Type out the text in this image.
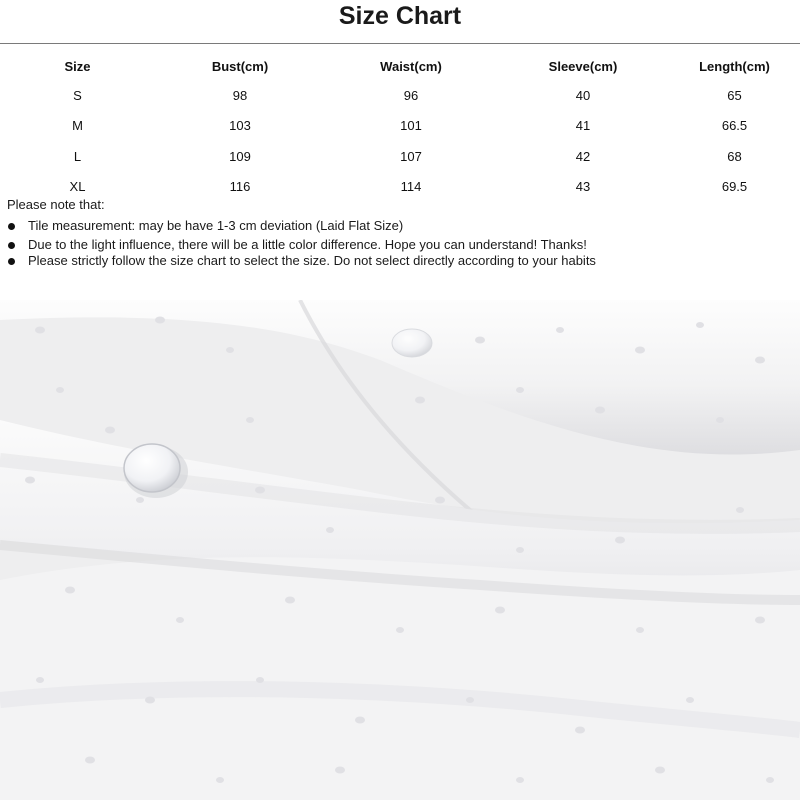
Size Chart
Size	Bust(cm)	Waist(cm)	Sleeve(cm)	Length(cm)
S	98	96	40	65
M	103	101	41	66.5
L	109	107	42	68
XL	116	114	43	69.5
Please note that:
Tile measurement: may be have 1-3 cm deviation (Laid Flat Size)
Due to the light influence, there will be a little color difference. Hope you can understand! Thanks!
Please strictly follow the size chart to select the size. Do not select directly according to your habits
